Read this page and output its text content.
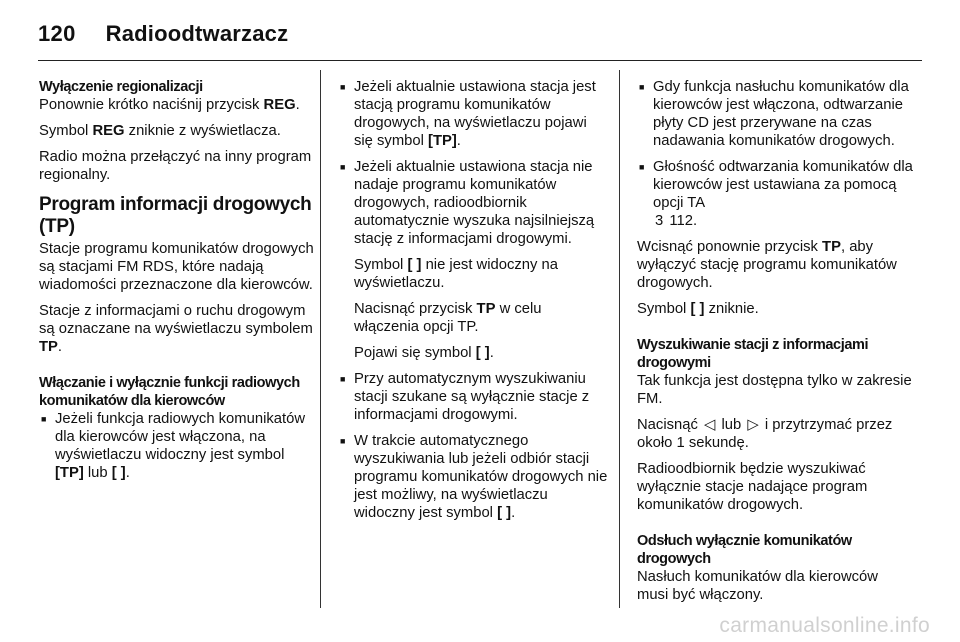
120 Radioodtwarzacz
Wyłączenie regionalizacji

Ponownie krótko naciśnij przycisk REG.

Symbol REG zniknie z wyświetlacza.

Radio można przełączyć na inny program regionalny.

Program informacji drogowych (TP)

Stacje programu komunikatów drogowych są stacjami FM RDS, które nadają wiadomości przeznaczone dla kierowców.

Stacje z informacjami o ruchu drogowym są oznaczane na wyświetlaczu symbolem TP.

Włączanie i wyłącznie funkcji radiowych komunikatów dla kierowców
■ Jeżeli funkcja radiowych komunikatów dla kierowców jest włączona, na wyświetlaczu widoczny jest symbol [TP] lub [ ].
■ Jeżeli aktualnie ustawiona stacja jest stacją programu komunikatów drogowych, na wyświetlaczu pojawi się symbol [TP].

■ Jeżeli aktualnie ustawiona stacja nie nadaje programu komunikatów drogowych, radioodbiornik automatycznie wyszuka najsilniejszą stację z informacjami drogowymi.

Symbol [ ] nie jest widoczny na wyświetlaczu.

Nacisnąć przycisk TP w celu włączenia opcji TP.

Pojawi się symbol [ ].

■ Przy automatycznym wyszukiwaniu stacji szukane są wyłącznie stacje z informacjami drogowymi.
■ W trakcie automatycznego wyszukiwania lub jeżeli odbiór stacji programu komunikatów drogowych nie jest możliwy, na wyświetlaczu widoczny jest symbol [ ].
■ Gdy funkcja nasłuchu komunikatów dla kierowców jest włączona, odtwarzanie płyty CD jest przerywane na czas nadawania komunikatów drogowych.
■ Głośność odtwarzania komunikatów dla kierowców jest ustawiana za pomocą opcji TA
3 112.

Wcisnąć ponownie przycisk TP, aby wyłączyć stację programu komunikatów drogowych.

Symbol [ ] zniknie.

Wyszukiwanie stacji z informacjami drogowymi

Tak funkcja jest dostępna tylko w zakresie FM.

Nacisnąć ◁ lub ▷ i przytrzymać przez około 1 sekundę.

Radioodbiornik będzie wyszukiwać wyłącznie stacje nadające program komunikatów drogowych.

Odsłuch wyłącznie komunikatów drogowych

Nasłuch komunikatów dla kierowców musi być włączony.

carmanualsonline.info
